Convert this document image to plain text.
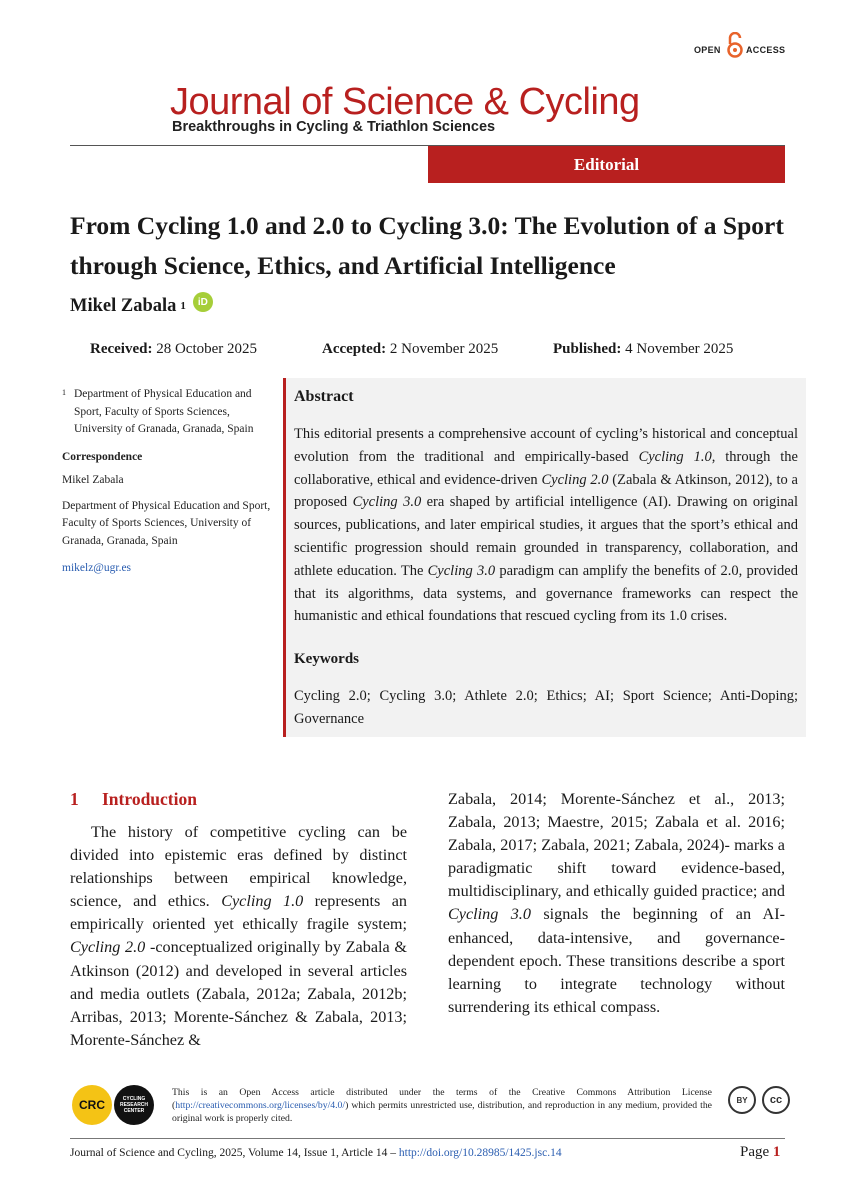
OPEN	ACCESS
Journal of Science & Cycling
Breakthroughs in Cycling & Triathlon Sciences
Editorial
From Cycling 1.0 and 2.0 to Cycling 3.0: The Evolution of a Sport through Science, Ethics, and Artificial Intelligence
Mikel Zabala 1 iD
Received: 28 October 2025	Accepted: 2 November 2025	Published: 4 November 2025
1 Department of Physical Education and Sport, Faculty of Sports Sciences, University of Granada, Granada, Spain
Correspondence
Mikel Zabala
Department of Physical Education and Sport, Faculty of Sports Sciences, University of Granada, Granada, Spain
mikelz@ugr.es
Abstract
This editorial presents a comprehensive account of cycling’s historical and conceptual evolution from the traditional and empirically-based Cycling 1.0, through the collaborative, ethical and evidence-driven Cycling 2.0 (Zabala & Atkinson, 2012), to a proposed Cycling 3.0 era shaped by artificial intelligence (AI). Drawing on original sources, publications, and later empirical studies, it argues that the sport’s ethical and scientific progression should remain grounded in transparency, collaboration, and athlete education. The Cycling 3.0 paradigm can amplify the benefits of 2.0, provided that its algorithms, data systems, and governance frameworks can respect the humanistic and ethical foundations that rescued cycling from its 1.0 crises.
Keywords
Cycling 2.0; Cycling 3.0; Athlete 2.0; Ethics; AI; Sport Science; Anti-Doping; Governance
1 Introduction
The history of competitive cycling can be divided into epistemic eras defined by distinct relationships between empirical knowledge, science, and ethics. Cycling 1.0 represents an empirically oriented yet ethically fragile system; Cycling 2.0 -conceptualized originally by Zabala & Atkinson (2012) and developed in several articles and media outlets (Zabala, 2012a; Zabala, 2012b; Arribas, 2013; Morente-Sánchez & Zabala, 2013; Morente-Sánchez &
Zabala, 2014; Morente-Sánchez et al., 2013; Zabala, 2013; Maestre, 2015; Zabala et al. 2016; Zabala, 2017; Zabala, 2021; Zabala, 2024)- marks a paradigmatic shift toward evidence-based, multidisciplinary, and ethically guided practice; and Cycling 3.0 signals the beginning of an AI-enhanced, data-intensive, and governance-dependent epoch. These transitions describe a sport learning to integrate technology without surrendering its ethical compass.
CRC	CYCLING
RESEARCH
CENTER
This is an Open Access article distributed under the terms of the Creative Commons Attribution License (http://creativecommons.org/licenses/by/4.0/) which permits unrestricted use, distribution, and reproduction in any medium, provided the original work is properly cited.
BY cc
Journal of Science and Cycling, 2025, Volume 14, Issue 1, Article 14 – http://doi.org/10.28985/1425.jsc.14	Page 1
